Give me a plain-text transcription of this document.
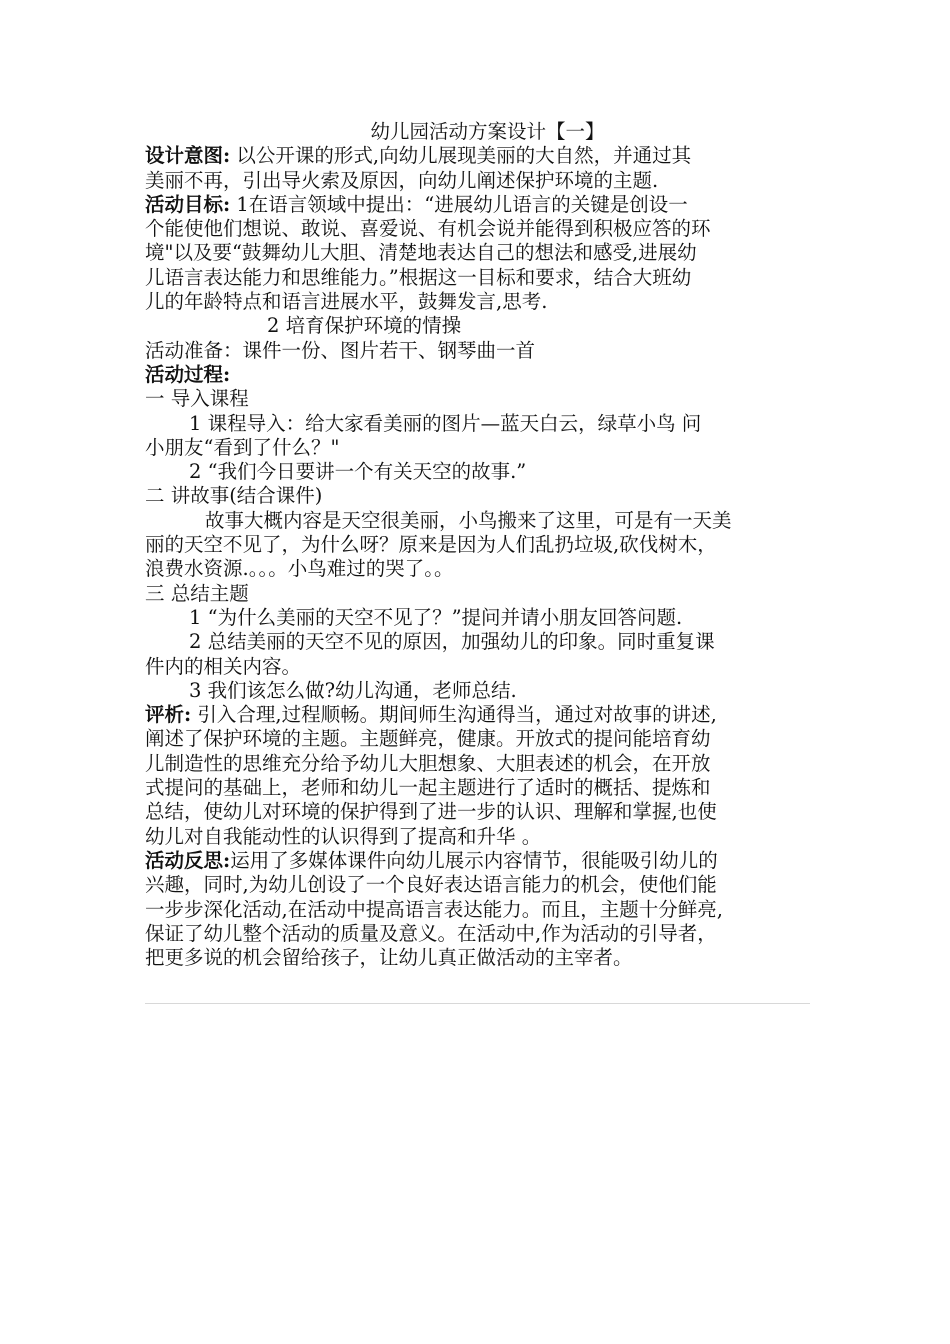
幼儿园活动方案设计【一】
设计意图: 以公开课的形式,向幼儿展现美丽的大自然，并通过其
美丽不再，引出导火索及原因，向幼儿阐述保护环境的主题.
活动目标: 1在语言领域中提出：“进展幼儿语言的关键是创设一
个能使他们想说、敢说、喜爱说、有机会说并能得到积极应答的环
境"以及要“鼓舞幼儿大胆、清楚地表达自己的想法和感受,进展幼
儿语言表达能力和思维能力。”根据这一目标和要求，结合大班幼
儿的年龄特点和语言进展水平，鼓舞发言,思考.
2 培育保护环境的情操
活动准备：课件一份、图片若干、钢琴曲一首
活动过程:
一 导入课程
1 课程导入：给大家看美丽的图片—蓝天白云，绿草小鸟 问
小朋友“看到了什么？"
2 “我们今日要讲一个有关天空的故事.”
二 讲故事(结合课件)
故事大概内容是天空很美丽，小鸟搬来了这里，可是有一天美
丽的天空不见了，为什么呀？原来是因为人们乱扔垃圾,砍伐树木，
浪费水资源.。。。小鸟难过的哭了。。
三 总结主题
1 “为什么美丽的天空不见了？”提问并请小朋友回答问题.
2 总结美丽的天空不见的原因，加强幼儿的印象。同时重复课
件内的相关内容。
3 我们该怎么做?幼儿沟通，老师总结.
评析: 引入合理,过程顺畅。期间师生沟通得当，通过对故事的讲述,
阐述了保护环境的主题。主题鲜亮，健康。开放式的提问能培育幼
儿制造性的思维充分给予幼儿大胆想象、大胆表述的机会，在开放
式提问的基础上，老师和幼儿一起主题进行了适时的概括、提炼和
总结，使幼儿对环境的保护得到了进一步的认识、理解和掌握,也使
幼儿对自我能动性的认识得到了提高和升华 。
活动反思:运用了多媒体课件向幼儿展示内容情节，很能吸引幼儿的
兴趣，同时,为幼儿创设了一个良好表达语言能力的机会，使他们能
一步步深化活动,在活动中提高语言表达能力。而且，主题十分鲜亮,
保证了幼儿整个活动的质量及意义。在活动中,作为活动的引导者，
把更多说的机会留给孩子，让幼儿真正做活动的主宰者。
